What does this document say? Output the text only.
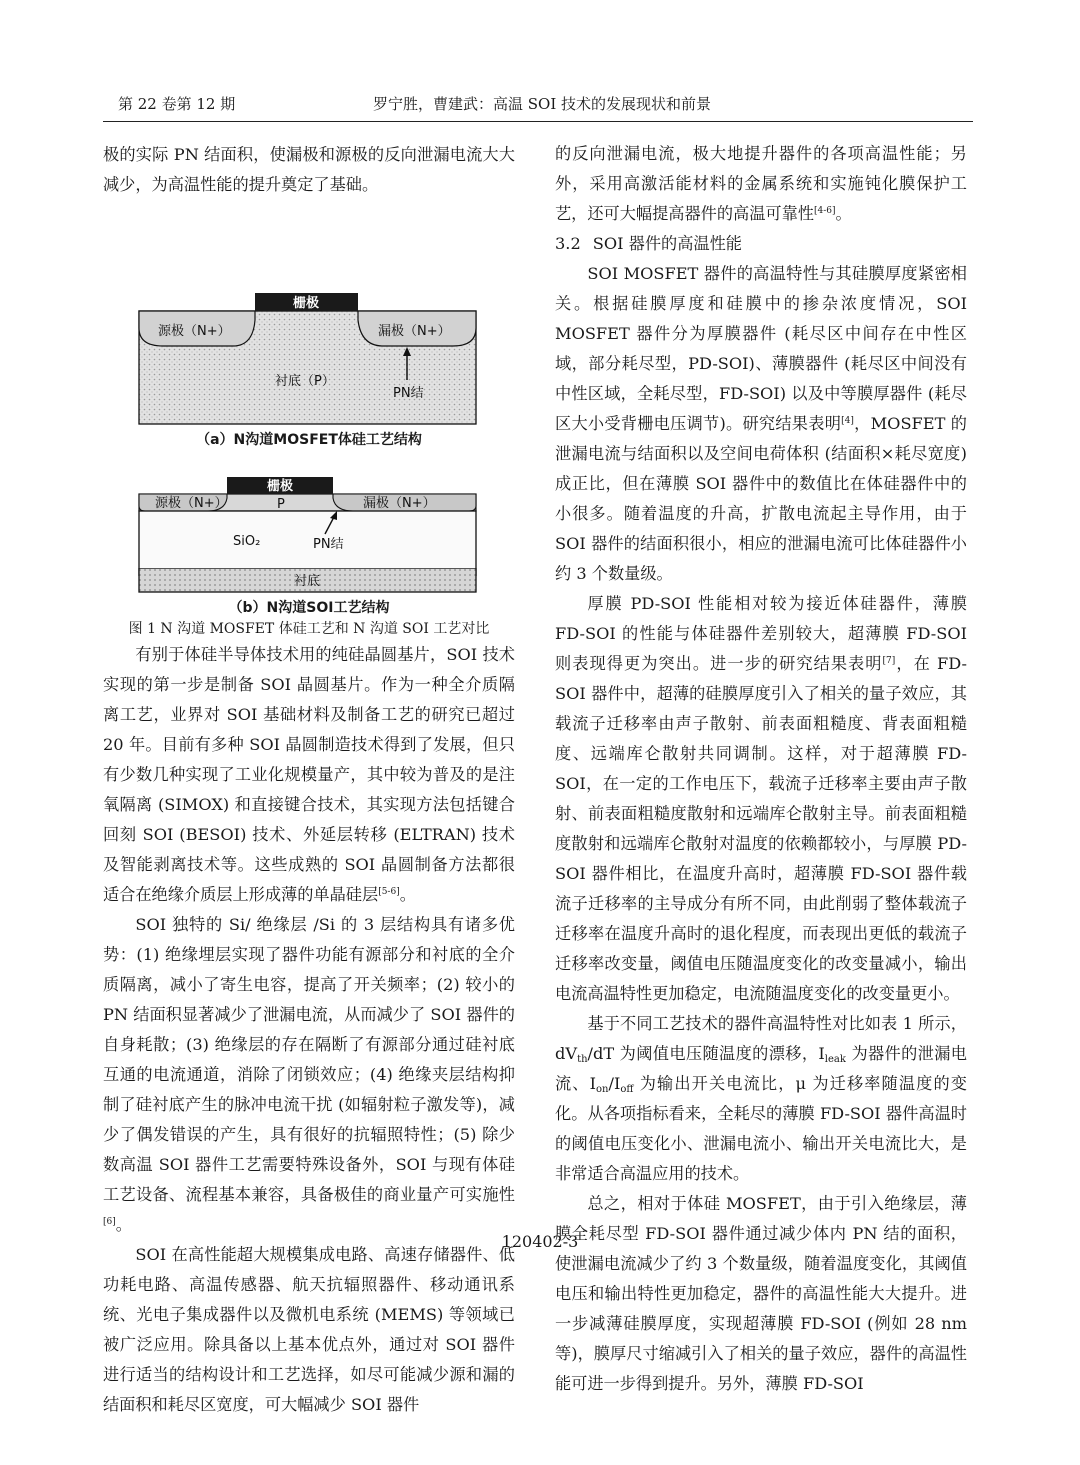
第 22 卷第 12 期	罗宁胜，曹建武：高温 SOI 技术的发展现状和前景

极的实际 PN 结面积，使漏极和源极的反向泄漏电流大大减少，为高温性能的提升奠定了基础。

栅极
源极（N+）	漏极（N+）
衬底（P）
PN结
栅极
源极（N+）	P	漏极（N+）
SiO₂	PN结
（a）N沟道MOSFET体硅工艺结构
衬底
（b）N沟道SOI工艺结构

图 1 N 沟道 MOSFET 体硅工艺和 N 沟道 SOI 工艺对比

有别于体硅半导体技术用的纯硅晶圆基片，SOI 技术实现的第一步是制备 SOI 晶圆基片。作为一种全介质隔离工艺，业界对 SOI 基础材料及制备工艺的研究已超过 20 年。目前有多种 SOI 晶圆制造技术得到了发展，但只有少数几种实现了工业化规模量产，其中较为普及的是注氧隔离 (SIMOX) 和直接键合技术，其实现方法包括键合回刻 SOI (BESOI) 技术、外延层转移 (ELTRAN) 技术及智能剥离技术等。这些成熟的 SOI 晶圆制备方法都很适合在绝缘介质层上形成薄的单晶硅层[5-6]。

SOI 独特的 Si/ 绝缘层 /Si 的 3 层结构具有诸多优势：(1) 绝缘埋层实现了器件功能有源部分和衬底的全介质隔离，减小了寄生电容，提高了开关频率；(2) 较小的 PN 结面积显著减少了泄漏电流，从而减少了 SOI 器件的自身耗散；(3) 绝缘层的存在隔断了有源部分通过硅衬底互通的电流通道，消除了闭锁效应；(4) 绝缘夹层结构抑制了硅衬底产生的脉冲电流干扰 (如辐射粒子激发等)，减少了偶发错误的产生，具有很好的抗辐照特性；(5) 除少数高温 SOI 器件工艺需要特殊设备外，SOI 与现有体硅工艺设备、流程基本兼容，具备极佳的商业量产可实施性[6]。

SOI 在高性能超大规模集成电路、高速存储器件、低功耗电路、高温传感器、航天抗辐照器件、移动通讯系统、光电子集成器件以及微机电系统 (MEMS) 等领域已被广泛应用。除具备以上基本优点外，通过对 SOI 器件进行适当的结构设计和工艺选择，如尽可能减少源和漏的结面积和耗尽区宽度，可大幅减少 SOI 器件

的反向泄漏电流，极大地提升器件的各项高温性能；另外，采用高激活能材料的金属系统和实施钝化膜保护工艺，还可大幅提高器件的高温可靠性[4-6]。

3.2 SOI 器件的高温性能

SOI MOSFET 器件的高温特性与其硅膜厚度紧密相关。根据硅膜厚度和硅膜中的掺杂浓度情况，SOI MOSFET 器件分为厚膜器件 (耗尽区中间存在中性区域，部分耗尽型，PD-SOI)、薄膜器件 (耗尽区中间没有中性区域，全耗尽型，FD-SOI) 以及中等膜厚器件 (耗尽区大小受背栅电压调节)。研究结果表明[4]，MOSFET 的泄漏电流与结面积以及空间电荷体积 (结面积×耗尽宽度) 成正比，但在薄膜 SOI 器件中的数值比在体硅器件中的小很多。随着温度的升高，扩散电流起主导作用，由于 SOI 器件的结面积很小，相应的泄漏电流可比体硅器件小约 3 个数量级。

厚膜 PD-SOI 性能相对较为接近体硅器件，薄膜 FD-SOI 的性能与体硅器件差别较大，超薄膜 FD-SOI 则表现得更为突出。进一步的研究结果表明[7]，在 FD-SOI 器件中，超薄的硅膜厚度引入了相关的量子效应，其载流子迁移率由声子散射、前表面粗糙度、背表面粗糙度、远端库仑散射共同调制。这样，对于超薄膜 FD-SOI，在一定的工作电压下，载流子迁移率主要由声子散射、前表面粗糙度散射和远端库仑散射主导。前表面粗糙度散射和远端库仑散射对温度的依赖都较小，与厚膜 PD-SOI 器件相比，在温度升高时，超薄膜 FD-SOI 器件载流子迁移率的主导成分有所不同，由此削弱了整体载流子迁移率在温度升高时的退化程度，而表现出更低的载流子迁移率改变量，阈值电压随温度变化的改变量减小，输出电流高温特性更加稳定，电流随温度变化的改变量更小。

基于不同工艺技术的器件高温特性对比如表 1 所示，$dV_{th}/dT$ 为阈值电压随温度的漂移，$I_{leak}$ 为器件的泄漏电流、$I_{on}/I_{off}$ 为输出开关电流比，μ 为迁移率随温度的变化。从各项指标看来，全耗尽的薄膜 FD-SOI 器件高温时的阈值电压变化小、泄漏电流小、输出开关电流比大，是非常适合高温应用的技术。

总之，相对于体硅 MOSFET，由于引入绝缘层，薄膜全耗尽型 FD-SOI 器件通过减少体内 PN 结的面积，使泄漏电流减少了约 3 个数量级，随着温度变化，其阈值电压和输出特性更加稳定，器件的高温性能大大提升。进一步减薄硅膜厚度，实现超薄膜 FD-SOI (例如 28 nm 等)，膜厚尺寸缩减引入了相关的量子效应，器件的高温性能可进一步得到提升。另外，薄膜 FD-SOI

120402-3
